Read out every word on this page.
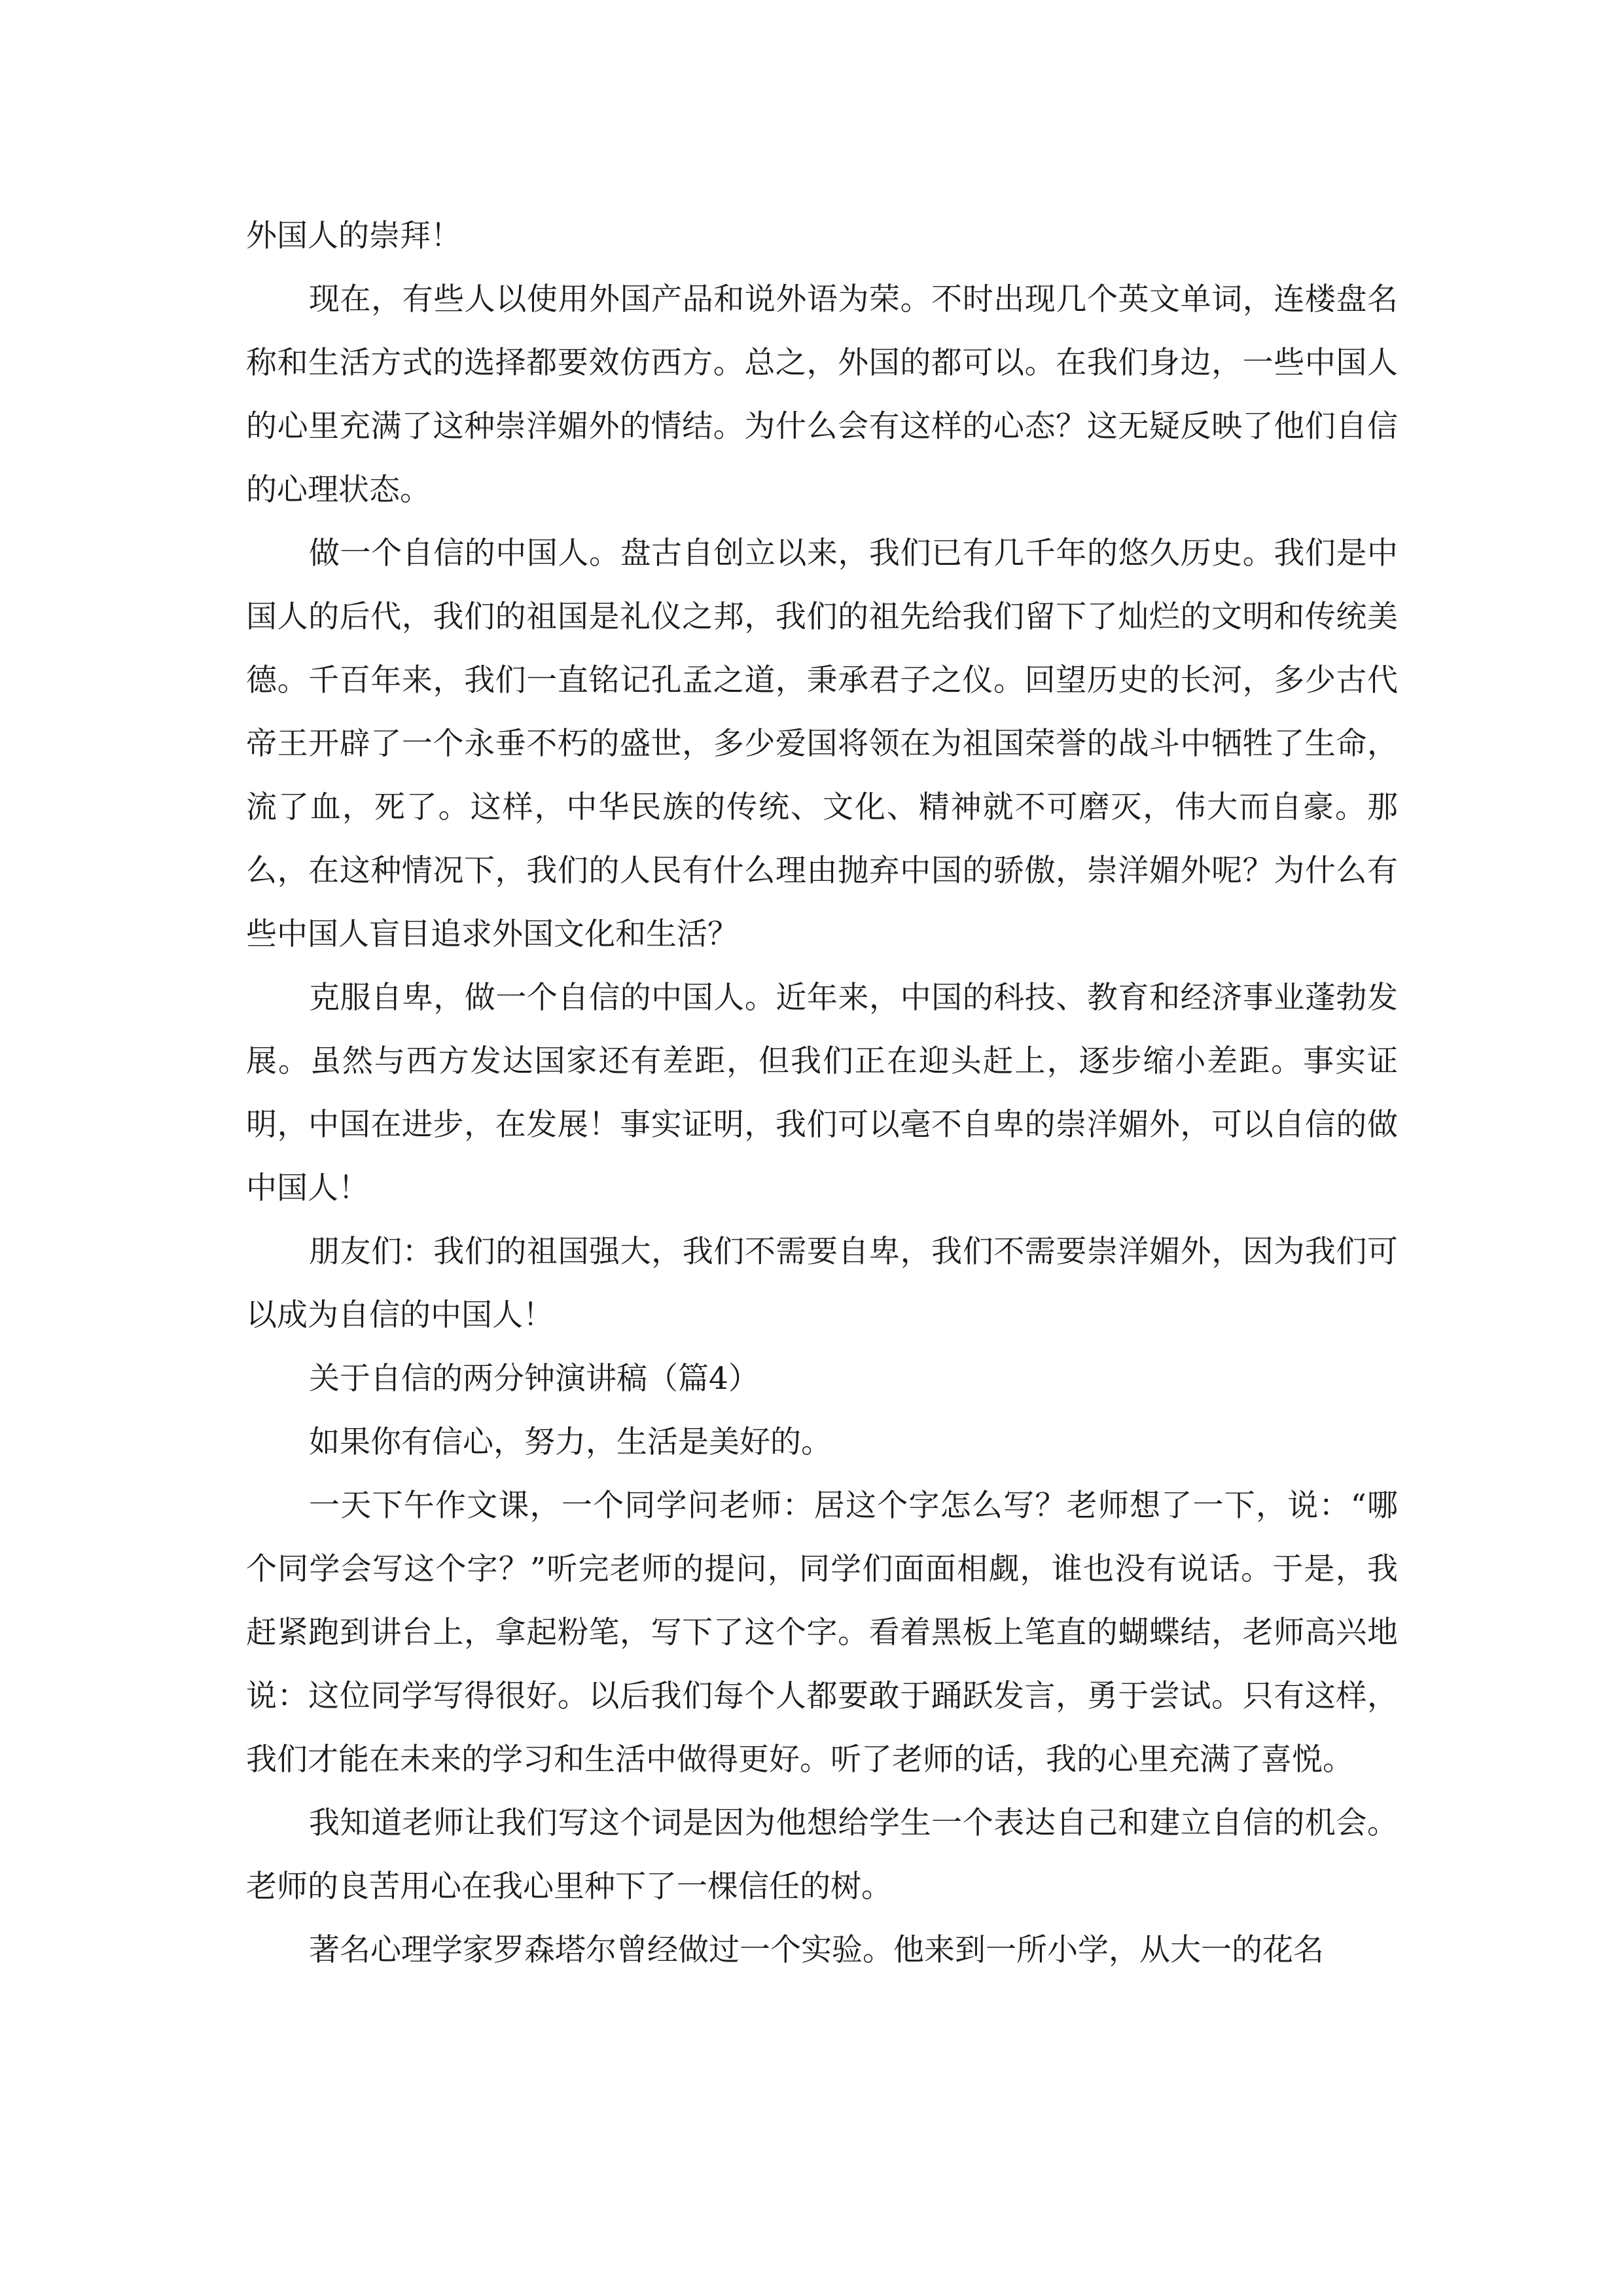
外国人的崇拜！

现在，有些人以使用外国产品和说外语为荣。不时出现几个英文单词，连楼盘名称和生活方式的选择都要效仿西方。总之，外国的都可以。在我们身边，一些中国人的心里充满了这种崇洋媚外的情结。为什么会有这样的心态？这无疑反映了他们自信的心理状态。

做一个自信的中国人。盘古自创立以来，我们已有几千年的悠久历史。我们是中国人的后代，我们的祖国是礼仪之邦，我们的祖先给我们留下了灿烂的文明和传统美德。千百年来，我们一直铭记孔孟之道，秉承君子之仪。回望历史的长河，多少古代帝王开辟了一个永垂不朽的盛世，多少爱国将领在为祖国荣誉的战斗中牺牲了生命，流了血，死了。这样，中华民族的传统、文化、精神就不可磨灭，伟大而自豪。那么，在这种情况下，我们的人民有什么理由抛弃中国的骄傲，崇洋媚外呢？为什么有些中国人盲目追求外国文化和生活？

克服自卑，做一个自信的中国人。近年来，中国的科技、教育和经济事业蓬勃发展。虽然与西方发达国家还有差距，但我们正在迎头赶上，逐步缩小差距。事实证明，中国在进步，在发展！事实证明，我们可以毫不自卑的崇洋媚外，可以自信的做中国人！

朋友们：我们的祖国强大，我们不需要自卑，我们不需要崇洋媚外，因为我们可以成为自信的中国人！

关于自信的两分钟演讲稿（篇4）

如果你有信心，努力，生活是美好的。

一天下午作文课，一个同学问老师：居这个字怎么写？老师想了一下，说：“哪个同学会写这个字？”听完老师的提问，同学们面面相觑，谁也没有说话。于是，我赶紧跑到讲台上，拿起粉笔，写下了这个字。看着黑板上笔直的蝴蝶结，老师高兴地说：这位同学写得很好。以后我们每个人都要敢于踊跃发言，勇于尝试。只有这样，我们才能在未来的学习和生活中做得更好。听了老师的话，我的心里充满了喜悦。

我知道老师让我们写这个词是因为他想给学生一个表达自己和建立自信的机会。老师的良苦用心在我心里种下了一棵信任的树。

著名心理学家罗森塔尔曾经做过一个实验。他来到一所小学，从大一的花名
